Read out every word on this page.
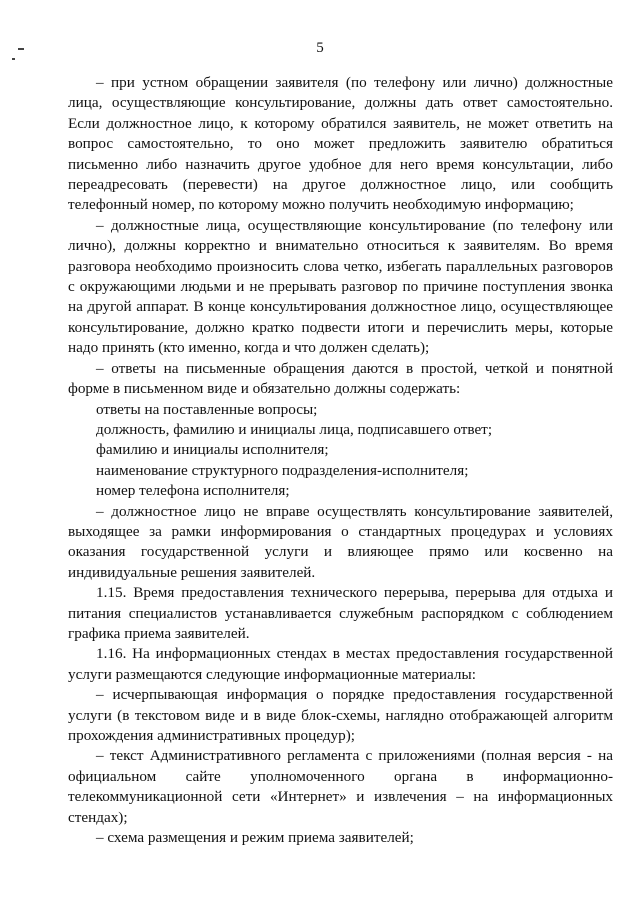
5

– при устном обращении заявителя (по телефону или лично) должностные лица, осуществляющие консультирование, должны дать ответ самостоятельно. Если должностное лицо, к которому обратился заявитель, не может ответить на вопрос самостоятельно, то оно может предложить заявителю обратиться письменно либо назначить другое удобное для него время консультации, либо переадресовать (перевести) на другое должностное лицо, или сообщить телефонный номер, по которому можно получить необходимую информацию;

– должностные лица, осуществляющие консультирование (по телефону или лично), должны корректно и внимательно относиться к заявителям. Во время разговора необходимо произносить слова четко, избегать параллельных разговоров с окружающими людьми и не прерывать разговор по причине поступления звонка на другой аппарат. В конце консультирования должностное лицо, осуществляющее консультирование, должно кратко подвести итоги и перечислить меры, которые надо принять (кто именно, когда и что должен сделать);

– ответы на письменные обращения даются в простой, четкой и понятной форме в письменном виде и обязательно должны содержать:

ответы на поставленные вопросы;

должность, фамилию и инициалы лица, подписавшего ответ;

фамилию и инициалы исполнителя;

наименование структурного подразделения-исполнителя;

номер телефона исполнителя;

– должностное лицо не вправе осуществлять консультирование заявителей, выходящее за рамки информирования о стандартных процедурах и условиях оказания государственной услуги и влияющее прямо или косвенно на индивидуальные решения заявителей.

1.15. Время предоставления технического перерыва, перерыва для отдыха и питания специалистов устанавливается служебным распорядком с соблюдением графика приема заявителей.

1.16. На информационных стендах в местах предоставления государственной услуги размещаются следующие информационные материалы:

– исчерпывающая информация о порядке предоставления государственной услуги (в текстовом виде и в виде блок-схемы, наглядно отображающей алгоритм прохождения административных процедур);

– текст Административного регламента с приложениями (полная версия - на официальном сайте уполномоченного органа в информационно-телекоммуникационной сети «Интернет» и извлечения – на информационных стендах);

– схема размещения и режим приема заявителей;
